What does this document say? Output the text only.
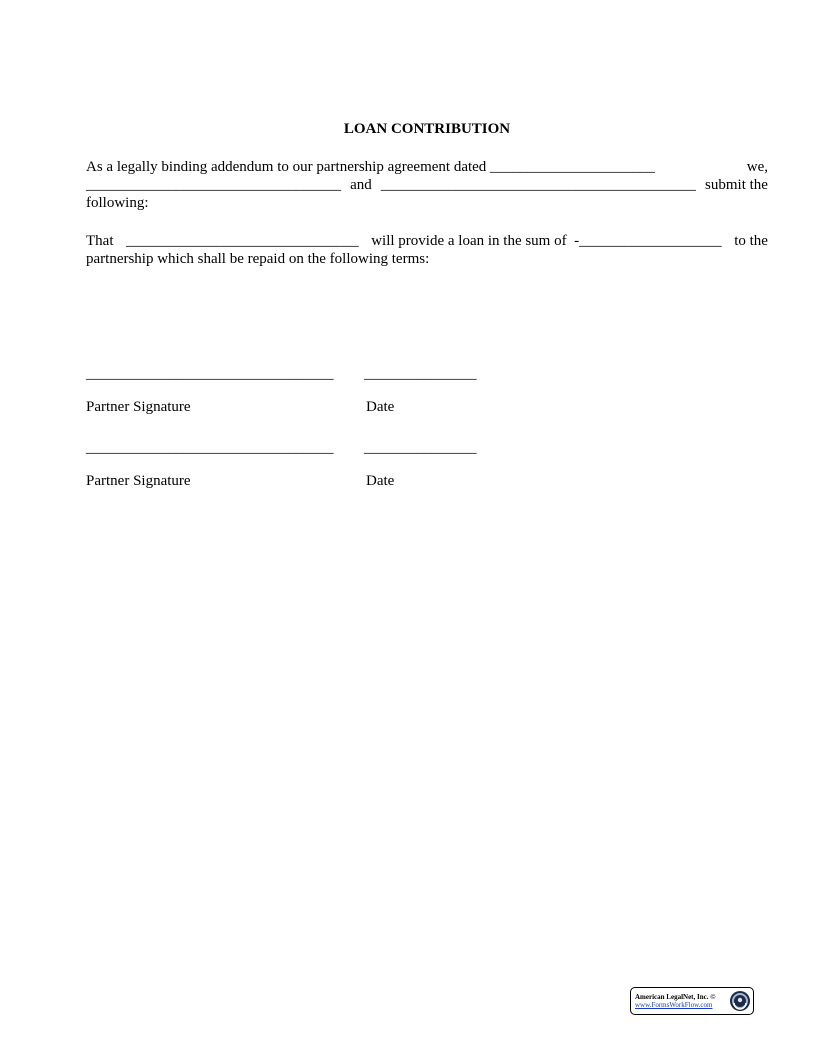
LOAN CONTRIBUTION
As a legally binding addendum to our partnership agreement dated ______________________	we,
__________________________________ and __________________________________________ submit the
following:
That _______________________________ will provide a loan in the sum of  -___________________ to the
partnership which shall be repaid on the following terms:
_________________________________ _______________
Partner Signature	Date
_________________________________ _______________
Partner Signature	Date
American LegalNet, Inc. ©
www.FormsWorkFlow.com
